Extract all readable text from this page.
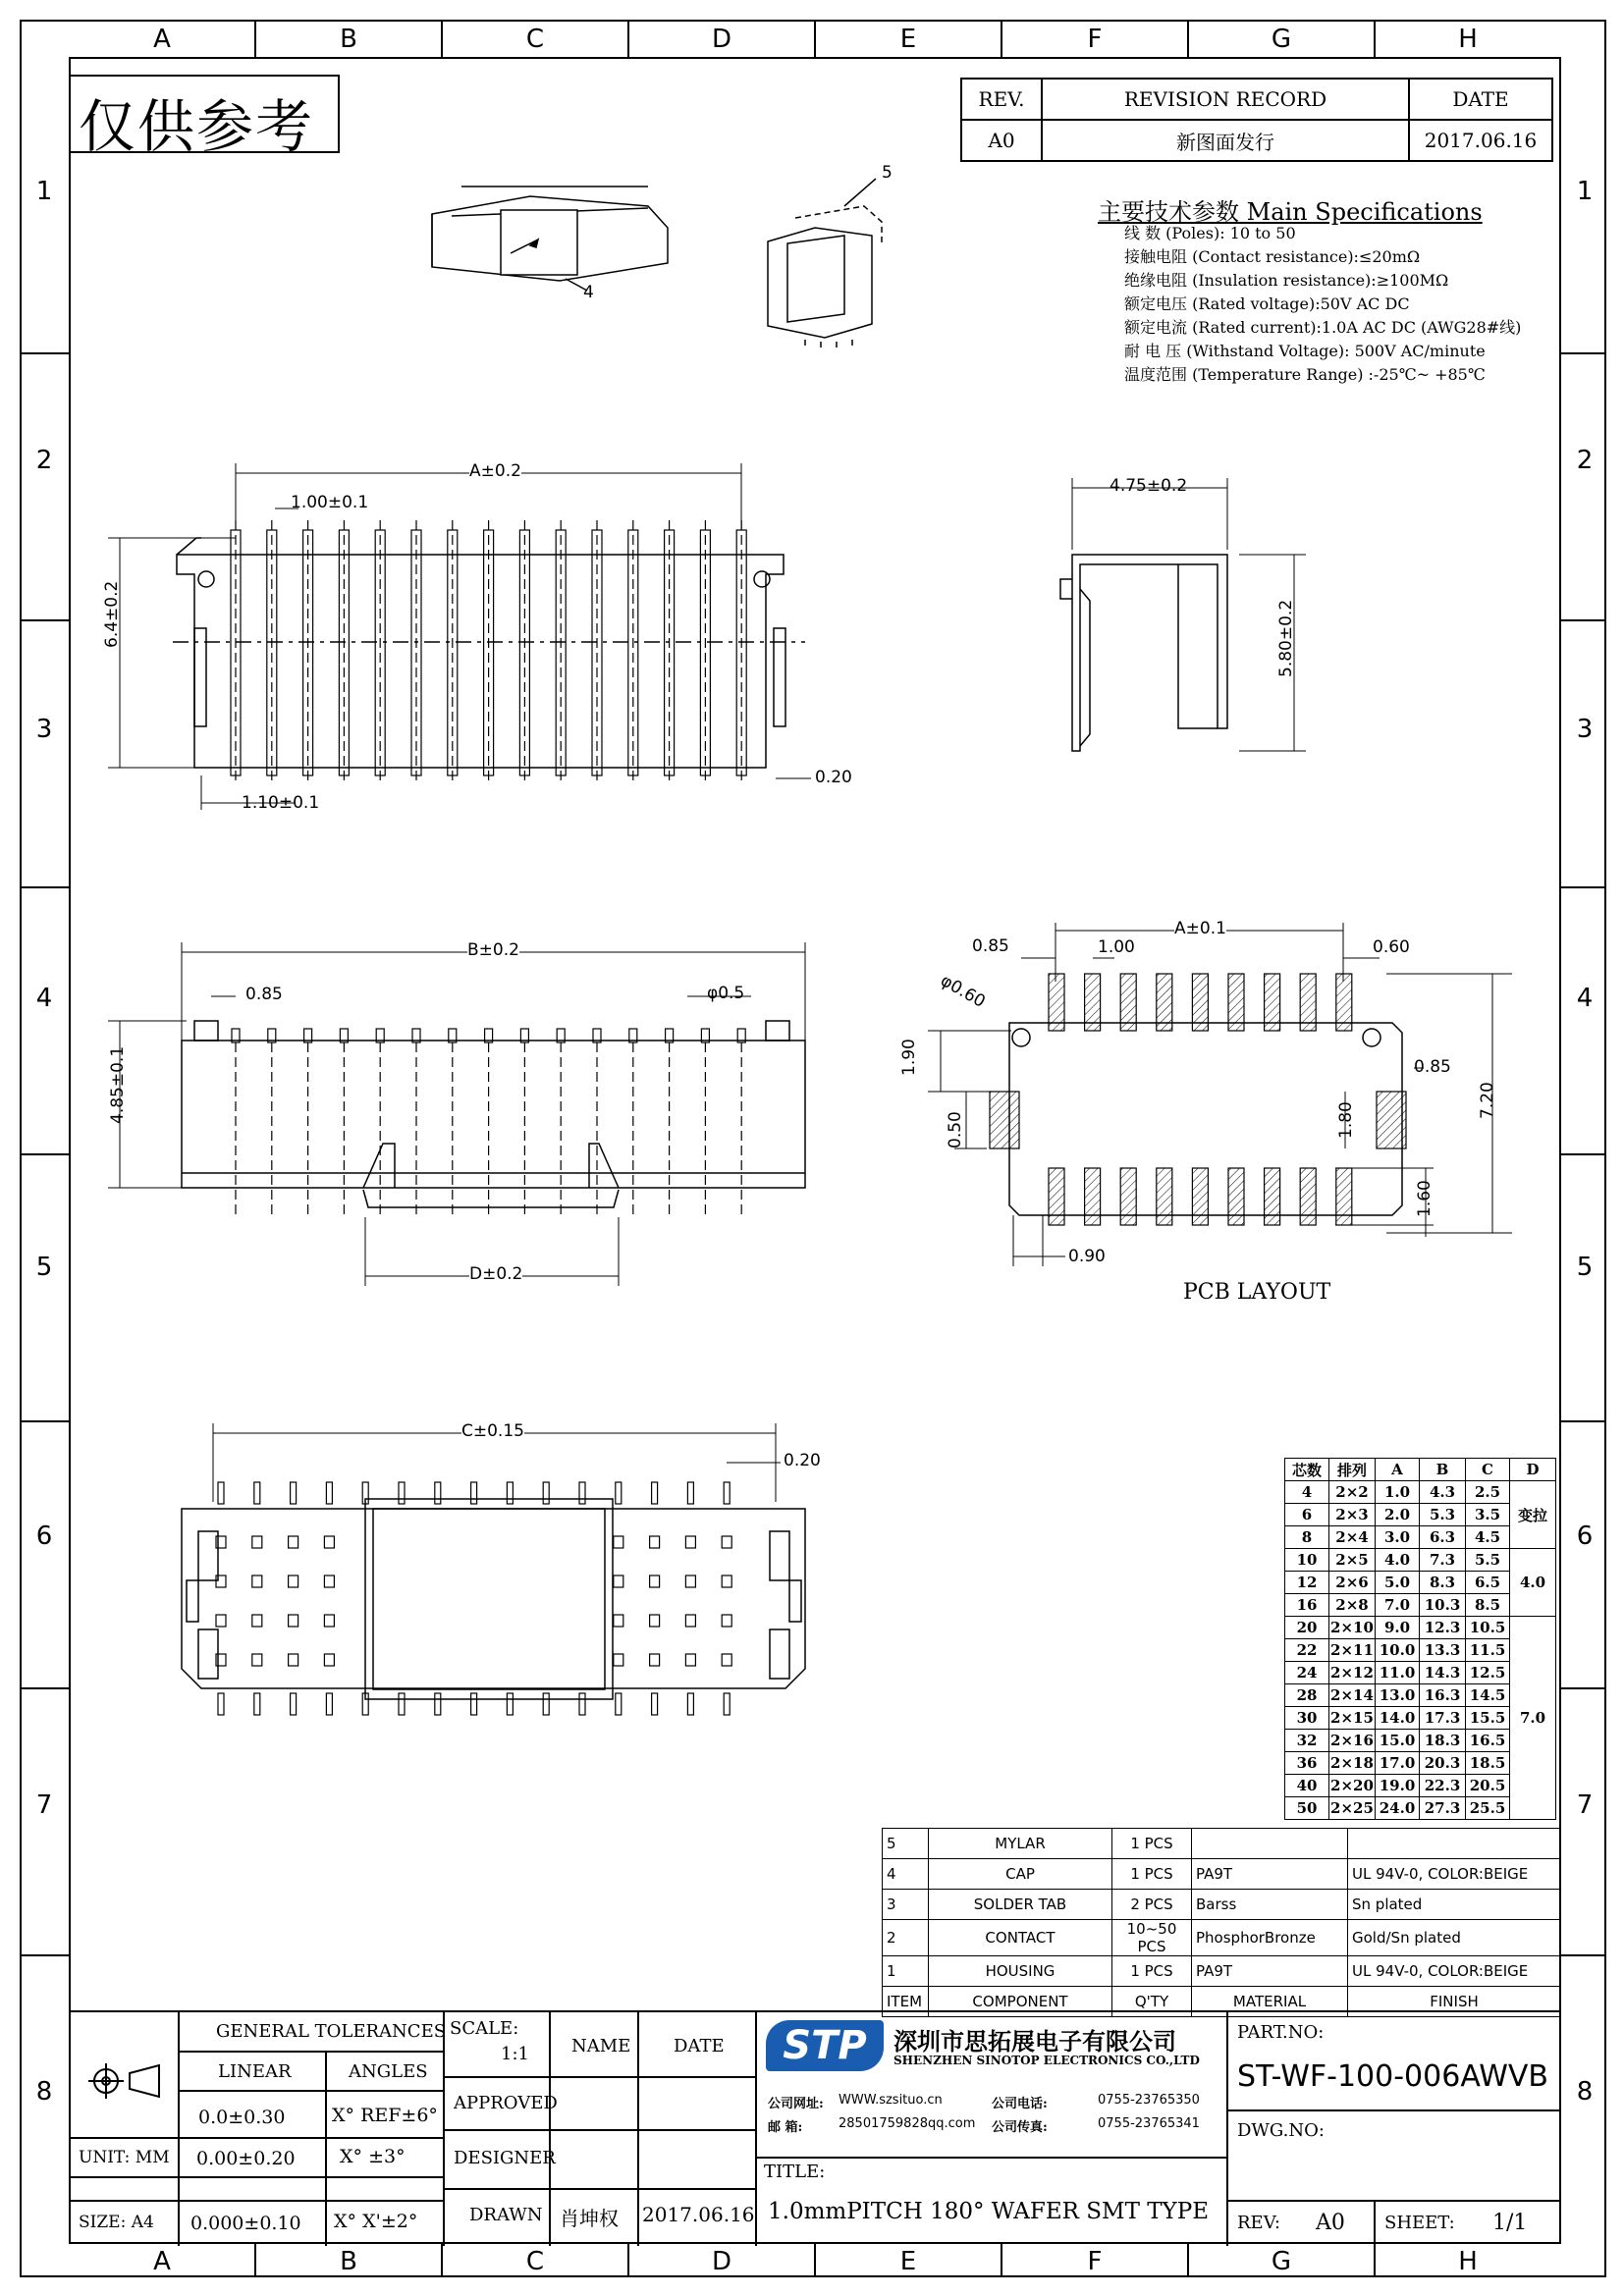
A	B	C	D	E	F	G	H
A	B	C	D	E	F	G	H
1
2
3
4
5
6
7
8
1
2
3
4
5
6
7
8
仅供参考	REV.	REVISION RECORD	DATE
A0	新图面发行	2017.06.16
主要技术参数 Main Specifications
线 数 (Poles): 10 to 50
接触电阻 (Contact resistance):≤20mΩ
绝缘电阻 (Insulation resistance):≥100MΩ
额定电压 (Rated voltage):50V AC DC
额定电流 (Rated current):1.0A AC DC (AWG28#线)
耐 电 压 (Withstand Voltage): 500V AC/minute
温度范围 (Temperature Range) :-25℃~ +85℃
4
5
A±0.2
1.00±0.1
6.4±0.2
1.10±0.1
0.20
4.75±0.2
5.80±0.2
B±0.2
0.85	φ0.5
4.85±0.1
D±0.2
C±0.15
0.20
A±0.1
0.85	1.00	0.60
φ0.60
0.85
1.90
0.50	1.80
7.20
1.60
0.90
PCB LAYOUT
芯数	排列	A	B	C	D
4	2×2	1.0	4.3	2.5	变拉
6	2×3	2.0	5.3	3.5	
8	2×4	3.0	6.3	4.5	
10	2×5	4.0	7.3	5.5	4.0
12	2×6	5.0	8.3	6.5	
16	2×8	7.0	10.3	8.5	
20	2×10	9.0	12.3	10.5	7.0
22	2×11	10.0	13.3	11.5	
24	2×12	11.0	14.3	12.5	
28	2×14	13.0	16.3	14.5	
30	2×15	14.0	17.3	15.5	
32	2×16	15.0	18.3	16.5	
36	2×18	17.0	20.3	18.5	
40	2×20	19.0	22.3	20.5	
50	2×25	24.0	27.3	25.5	
5	MYLAR	1 PCS		
4	CAP	1 PCS	PA9T	UL 94V-0, COLOR:BEIGE
3	SOLDER TAB	2 PCS	Barss	Sn plated
2	CONTACT	10~50 PCS	PhosphorBronze	Gold/Sn plated
1	HOUSING	1 PCS	PA9T	UL 94V-0, COLOR:BEIGE
ITEM	COMPONENT	Q'TY	MATERIAL	FINISH
GENERAL TOLERANCES
LINEAR	ANGLES
0.0±0.30	X° REF±6°
0.00±0.20 X° ±3°
0.000±0.10 X° X'±2°
UNIT: MM
SIZE: A4
SCALE:
1:1 NAME DATE
APPROVED
DESIGNER
DRAWN 肖坤权 2017.06.16
STP	深圳市思拓展电子有限公司
SHENZHEN SINOTOP ELECTRONICS CO.,LTD
公司网址: WWW.szsituo.cn	公司电话:	0755-23765350
邮 箱:	28501759828qq.com 公司传真:	0755-23765341
TITLE:
1.0mmPITCH 180° WAFER SMT TYPE
PART.NO:
ST-WF-100-006AWVB
DWG.NO:
REV: A0 SHEET: 1/1
